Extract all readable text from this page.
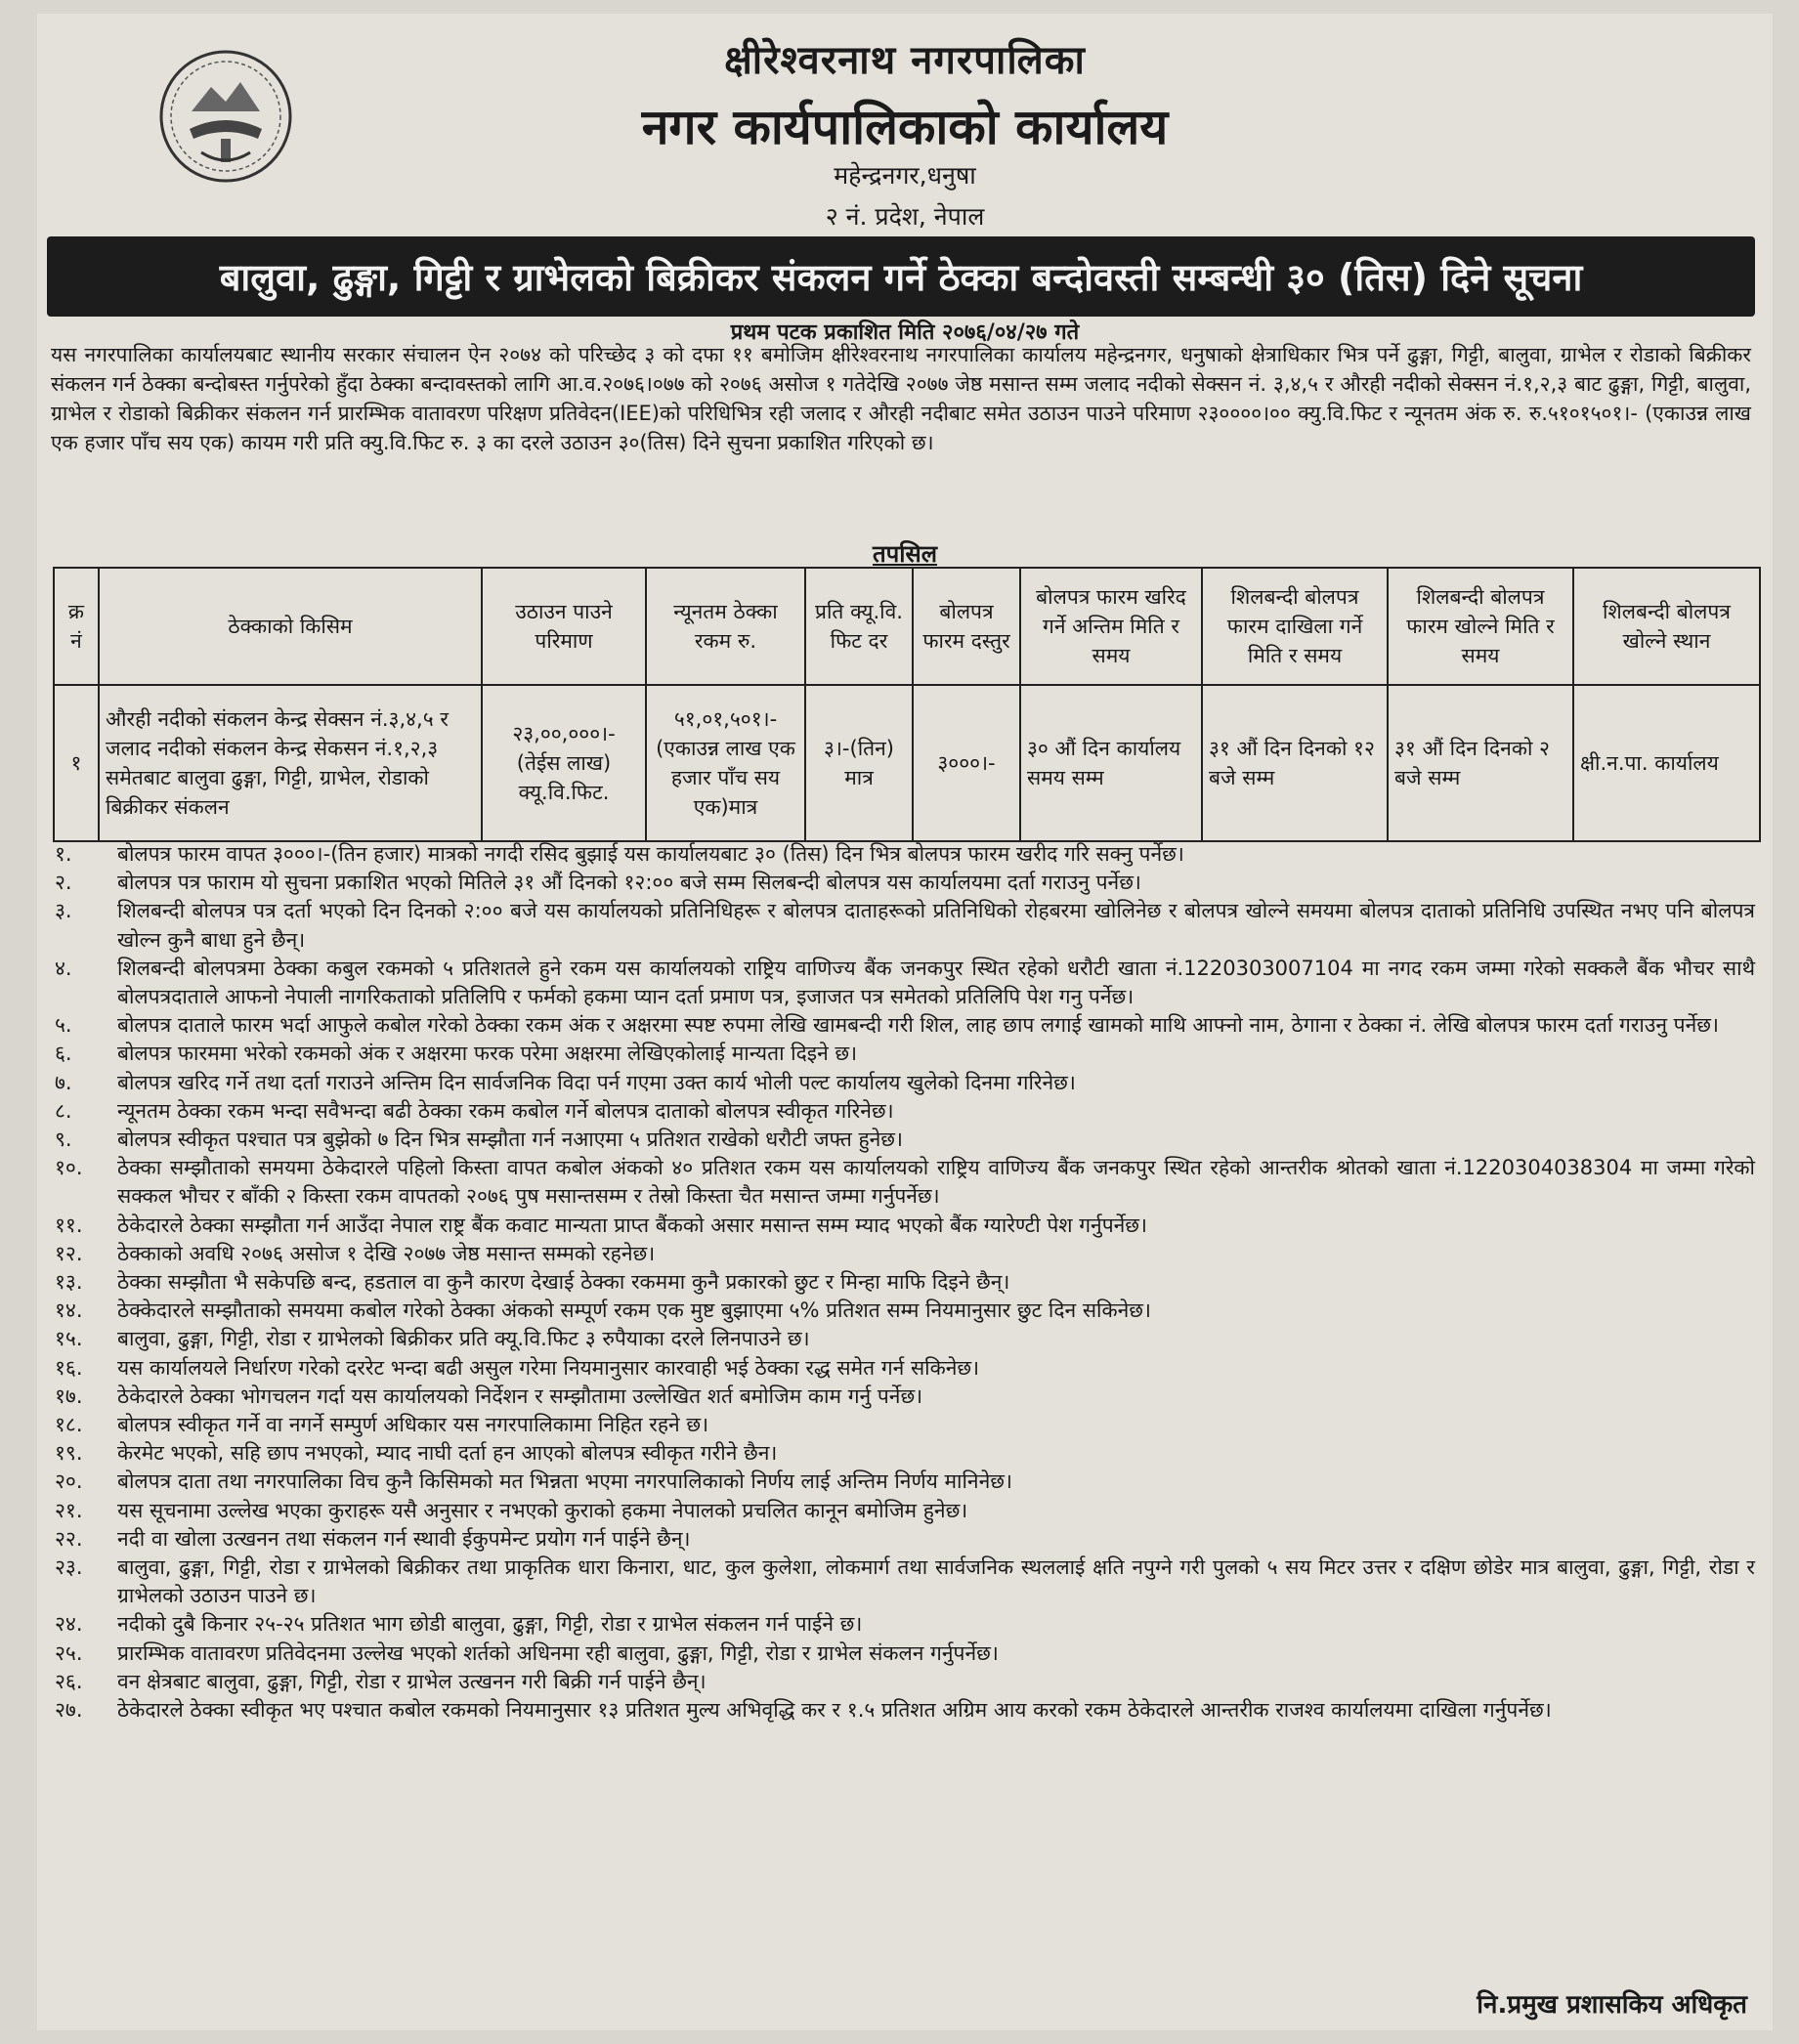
क्षीरेश्वरनाथ नगरपालिका
नगर कार्यपालिकाको कार्यालय
महेन्द्रनगर,धनुषा
२ नं. प्रदेश, नेपाल
बालुवा, ढुङ्गा, गिट्टी र ग्राभेलको बिक्रीकर संकलन गर्ने ठेक्का बन्दोवस्ती सम्बन्धी ३० (तिस) दिने सूचना
प्रथम पटक प्रकाशित मिति २०७६/०४/२७ गते
यस नगरपालिका कार्यालयबाट स्थानीय सरकार संचालन ऐन २०७४ को परिच्छेद ३ को दफा ११ बमोजिम क्षीरेश्वरनाथ नगरपालिका कार्यालय महेन्द्रनगर, धनुषाको क्षेत्राधिकार भित्र पर्ने ढुङ्गा, गिट्टी, बालुवा, ग्राभेल र रोडाको बिक्रीकर संकलन गर्न ठेक्का बन्दोबस्त गर्नुपरेको हुँदा ठेक्का बन्दावस्तको लागि आ.व.२०७६।०७७ को २०७६ असोज १ गतेदेखि २०७७ जेष्ठ मसान्त सम्म जलाद नदीको सेक्सन नं. ३,४,५ र औरही नदीको सेक्सन नं.१,२,३ बाट ढुङ्गा, गिट्टी, बालुवा, ग्राभेल र रोडाको बिक्रीकर संकलन गर्न प्रारम्भिक वातावरण परिक्षण प्रतिवेदन(IEE)को परिधिभित्र रही जलाद र औरही नदीबाट समेत उठाउन पाउने परिमाण २३००००।०० क्यु.वि.फिट र न्यूनतम अंक रु. रु.५१०१५०१।- (एकाउन्न लाख एक हजार पाँच सय एक) कायम गरी प्रति क्यु.वि.फिट रु. ३ का दरले उठाउन ३०(तिस) दिने सुचना प्रकाशित गरिएको छ।
तपसिल
क्र नं	ठेक्काको किसिम	उठाउन पाउने परिमाण	न्यूनतम ठेक्का रकम रु.	प्रति क्यू.वि. फिट दर	बोलपत्र फारम दस्तुर	बोलपत्र फारम खरिद गर्ने अन्तिम मिति र समय	शिलबन्दी बोलपत्र फारम दाखिला गर्ने मिति र समय	शिलबन्दी बोलपत्र फारम खोल्ने मिति र समय	शिलबन्दी बोलपत्र खोल्ने स्थान
१	औरही नदीको संकलन केन्द्र सेक्सन नं.३,४,५ र जलाद नदीको संकलन केन्द्र सेकसन नं.१,२,३ समेतबाट बालुवा ढुङ्गा, गिट्टी, ग्राभेल, रोडाको बिक्रीकर संकलन	२३,००,०००।- (तेईस लाख) क्यू.वि.फिट.	५१,०१,५०१।- (एकाउन्न लाख एक हजार पाँच सय एक)मात्र	३।-(तिन) मात्र	३०००।-	३० औं दिन कार्यालय समय सम्म	३१ औं दिन दिनको १२ बजे सम्म	३१ औं दिन दिनको २ बजे सम्म	क्षी.न.पा. कार्यालय
१.	बोलपत्र फारम वापत ३०००।-(तिन हजार) मात्रको नगदी रसिद बुझाई यस कार्यालयबाट ३० (तिस) दिन भित्र बोलपत्र फारम खरीद गरि सक्नु पर्नेछ।
२.	बोलपत्र पत्र फाराम यो सुचना प्रकाशित भएको मितिले ३१ औं दिनको १२:०० बजे सम्म सिलबन्दी बोलपत्र यस कार्यालयमा दर्ता गराउनु पर्नेछ।
३.	शिलबन्दी बोलपत्र पत्र दर्ता भएको दिन दिनको २:०० बजे यस कार्यालयको प्रतिनिधिहरू र बोलपत्र दाताहरूको प्रतिनिधिको रोहबरमा खोलिनेछ र बोलपत्र खोल्ने समयमा बोलपत्र दाताको प्रतिनिधि उपस्थित नभए पनि बोलपत्र खोल्न कुनै बाधा हुने छैन्।
४.	शिलबन्दी बोलपत्रमा ठेक्का कबुल रकमको ५ प्रतिशतले हुने रकम यस कार्यालयको राष्ट्रिय वाणिज्य बैंक जनकपुर स्थित रहेको धरौटी खाता नं.1220303007104 मा नगद रकम जम्मा गरेको सक्कलै बैंक भौचर साथै बोलपत्रदाताले आफनो नेपाली नागरिकताको प्रतिलिपि र फर्मको हकमा प्यान दर्ता प्रमाण पत्र, इजाजत पत्र समेतको प्रतिलिपि पेश गनु पर्नेछ।
५.	बोलपत्र दाताले फारम भर्दा आफुले कबोल गरेको ठेक्का रकम अंक र अक्षरमा स्पष्ट रुपमा लेखि खामबन्दी गरी शिल, लाह छाप लगाई खामको माथि आफ्नो नाम, ठेगाना र ठेक्का नं. लेखि बोलपत्र फारम दर्ता गराउनु पर्नेछ।
६.	बोलपत्र फारममा भरेको रकमको अंक र अक्षरमा फरक परेमा अक्षरमा लेखिएकोलाई मान्यता दिइने छ।
७.	बोलपत्र खरिद गर्ने तथा दर्ता गराउने अन्तिम दिन सार्वजनिक विदा पर्न गएमा उक्त कार्य भोली पल्ट कार्यालय खुलेको दिनमा गरिनेछ।
८.	न्यूनतम ठेक्का रकम भन्दा सवैभन्दा बढी ठेक्का रकम कबोल गर्ने बोलपत्र दाताको बोलपत्र स्वीकृत गरिनेछ।
९.	बोलपत्र स्वीकृत पश्चात पत्र बुझेको ७ दिन भित्र सम्झौता गर्न नआएमा ५ प्रतिशत राखेको धरौटी जफ्त हुनेछ।
१०.	ठेक्का सम्झौताको समयमा ठेकेदारले पहिलो किस्ता वापत कबोल अंकको ४० प्रतिशत रकम यस कार्यालयको राष्ट्रिय वाणिज्य बैंक जनकपुर स्थित रहेको आन्तरीक श्रोतको खाता नं.1220304038304 मा जम्मा गरेको सक्कल भौचर र बाँकी २ किस्ता रकम वापतको २०७६ पुष मसान्तसम्म र तेस्रो किस्ता चैत मसान्त जम्मा गर्नुपर्नेछ।
११.	ठेकेदारले ठेक्का सम्झौता गर्न आउँदा नेपाल राष्ट्र बैंक कवाट मान्यता प्राप्त बैंकको असार मसान्त सम्म म्याद भएको बैंक ग्यारेण्टी पेश गर्नुपर्नेछ।
१२.	ठेक्काको अवधि २०७६ असोज १ देखि २०७७ जेष्ठ मसान्त सम्मको रहनेछ।
१३.	ठेक्का सम्झौता भै सकेपछि बन्द, हडताल वा कुनै कारण देखाई ठेक्का रकममा कुनै प्रकारको छुट र मिन्हा माफि दिइने छैन्।
१४.	ठेक्केदारले सम्झौताको समयमा कबोल गरेको ठेक्का अंकको सम्पूर्ण रकम एक मुष्ट बुझाएमा ५% प्रतिशत सम्म नियमानुसार छुट दिन सकिनेछ।
१५.	बालुवा, ढुङ्गा, गिट्टी, रोडा र ग्राभेलको बिक्रीकर प्रति क्यू.वि.फिट ३ रुपैयाका दरले लिनपाउने छ।
१६.	यस कार्यालयले निर्धारण गरेको दररेट भन्दा बढी असुल गरेमा नियमानुसार कारवाही भई ठेक्का रद्ध समेत गर्न सकिनेछ।
१७.	ठेकेदारले ठेक्का भोगचलन गर्दा यस कार्यालयको निर्देशन र सम्झौतामा उल्लेखित शर्त बमोजिम काम गर्नु पर्नेछ।
१८.	बोलपत्र स्वीकृत गर्ने वा नगर्ने सम्पुर्ण अधिकार यस नगरपालिकामा निहित रहने छ।
१९.	केरमेट भएको, सहि छाप नभएको, म्याद नाघी दर्ता हन आएको बोलपत्र स्वीकृत गरीने छैन।
२०.	बोलपत्र दाता तथा नगरपालिका विच कुनै किसिमको मत भिन्नता भएमा नगरपालिकाको निर्णय लाई अन्तिम निर्णय मानिनेछ।
२१.	यस सूचनामा उल्लेख भएका कुराहरू यसै अनुसार र नभएको कुराको हकमा नेपालको प्रचलित कानून बमोजिम हुनेछ।
२२.	नदी वा खोला उत्खनन तथा संकलन गर्न स्थावी ईकुपमेन्ट प्रयोग गर्न पाईने छैन्।
२३.	बालुवा, ढुङ्गा, गिट्टी, रोडा र ग्राभेलको बिक्रीकर तथा प्राकृतिक धारा किनारा, धाट, कुल कुलेशा, लोकमार्ग तथा सार्वजनिक स्थललाई क्षति नपुग्ने गरी पुलको ५ सय मिटर उत्तर र दक्षिण छोडेर मात्र बालुवा, ढुङ्गा, गिट्टी, रोडा र ग्राभेलको उठाउन पाउने छ।
२४.	नदीको दुबै किनार २५-२५ प्रतिशत भाग छोडी बालुवा, ढुङ्गा, गिट्टी, रोडा र ग्राभेल संकलन गर्न पाईने छ।
२५.	प्रारम्भिक वातावरण प्रतिवेदनमा उल्लेख भएको शर्तको अधिनमा रही बालुवा, ढुङ्गा, गिट्टी, रोडा र ग्राभेल संकलन गर्नुपर्नेछ।
२६.	वन क्षेत्रबाट बालुवा, ढुङ्गा, गिट्टी, रोडा र ग्राभेल उत्खनन गरी बिक्री गर्न पाईने छैन्।
२७.	ठेकेदारले ठेक्का स्वीकृत भए पश्चात कबोल रकमको नियमानुसार १३ प्रतिशत मुल्य अभिवृद्धि कर र १.५ प्रतिशत अग्रिम आय करको रकम ठेकेदारले आन्तरीक राजश्व कार्यालयमा दाखिला गर्नुपर्नेछ।
नि.प्रमुख प्रशासकिय अधिकृत
